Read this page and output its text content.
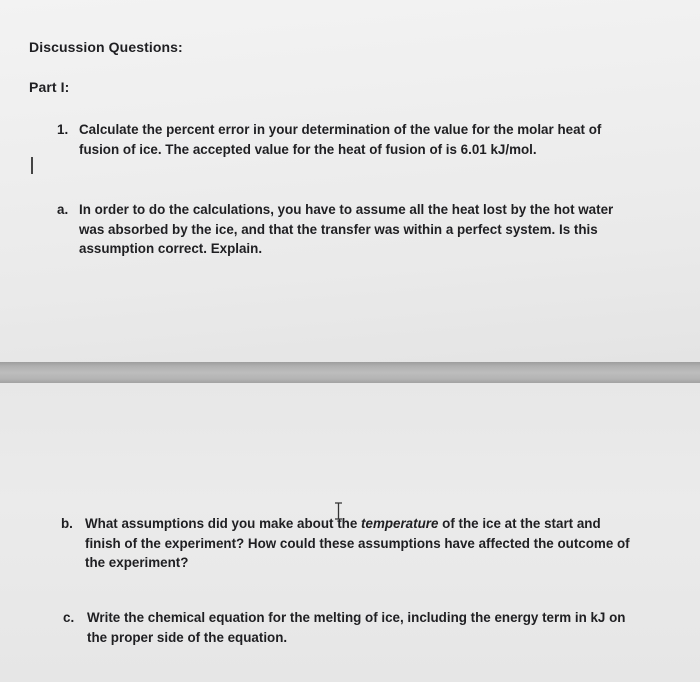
Discussion Questions:
Part I:
1. Calculate the percent error in your determination of the value for the molar heat of
fusion of ice. The accepted value for the heat of fusion of is 6.01 kJ/mol.
a. In order to do the calculations, you have to assume all the heat lost by the hot water
was absorbed by the ice, and that the transfer was within a perfect system. Is this
assumption correct. Explain.
b. What assumptions did you make about the temperature of the ice at the start and
finish of the experiment? How could these assumptions have affected the outcome of
the experiment?
c. Write the chemical equation for the melting of ice, including the energy term in kJ on
the proper side of the equation.
